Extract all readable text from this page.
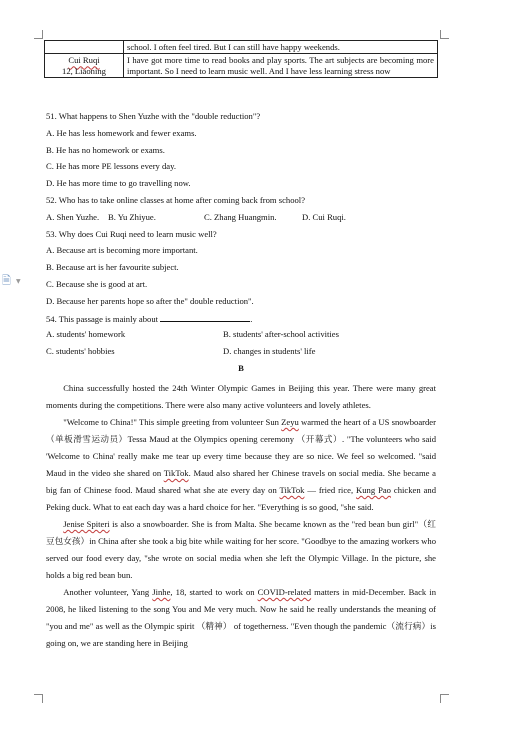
🗎 ▼
	school. I often feel tired. But I can still have happy weekends.

Cui Ruqi
12, Liaoning	I have got more time to read books and play sports. The art subjects are becoming more important. So I need to learn music well. And I have less learning stress now
51. What happens to Shen Yuzhe with the "double reduction"?
A. He has less homework and fewer exams.
B. He has no homework or exams.
C. He has more PE lessons every day.
D. He has more time to go travelling now.
52. Who has to take online classes at home after coming back from school?
A. Shen Yuzhe.	B. Yu Zhiyue.	C. Zhang Huangmin.	D. Cui Ruqi.
53. Why does Cui Ruqi need to learn music well?
A. Because art is becoming more important.
B. Because art is her favourite subject.
C. Because she is good at art.
D. Because her parents hope so after the" double reduction".
54. This passage is mainly about	.
A. students' homework	B. students' after-school activities
C. students' hobbies	D. changes in students' life
B

China successfully hosted the 24th Winter Olympic Games in Beijing this year. There were many great moments during the competitions. There were also many active volunteers and lovely athletes.

"Welcome to China!" This simple greeting from volunteer Sun Zeyu warmed the heart of a US snowboarder（单板滑雪运动员）Tessa Maud at the Olympics opening ceremony （开幕式）. "The volunteers who said 'Welcome to China' really make me tear up every time because they are so nice. We feel so welcomed. "said Maud in the video she shared on TikTok. Maud also shared her Chinese travels on social media. She became a big fan of Chinese food. Maud shared what she ate every day on TikTok — fried rice, Kung Pao chicken and Peking duck. What to eat each day was a hard choice for her. "Everything is so good, "she said.

Jenise Spiteri is also a snowboarder. She is from Malta. She became known as the "red bean bun girl"（红豆包女孩）in China after she took a big bite while waiting for her score. "Goodbye to the amazing workers who served our food every day, "she wrote on social media when she left the Olympic Village. In the picture, she holds a big red bean bun.

Another volunteer, Yang Jinhe, 18, started to work on COVID-related matters in mid-December. Back in 2008, he liked listening to the song You and Me very much. Now he said he really understands the meaning of "you and me" as well as the Olympic spirit （精神） of togetherness. "Even though the pandemic（流行病）is going on, we are standing here in Beijing
